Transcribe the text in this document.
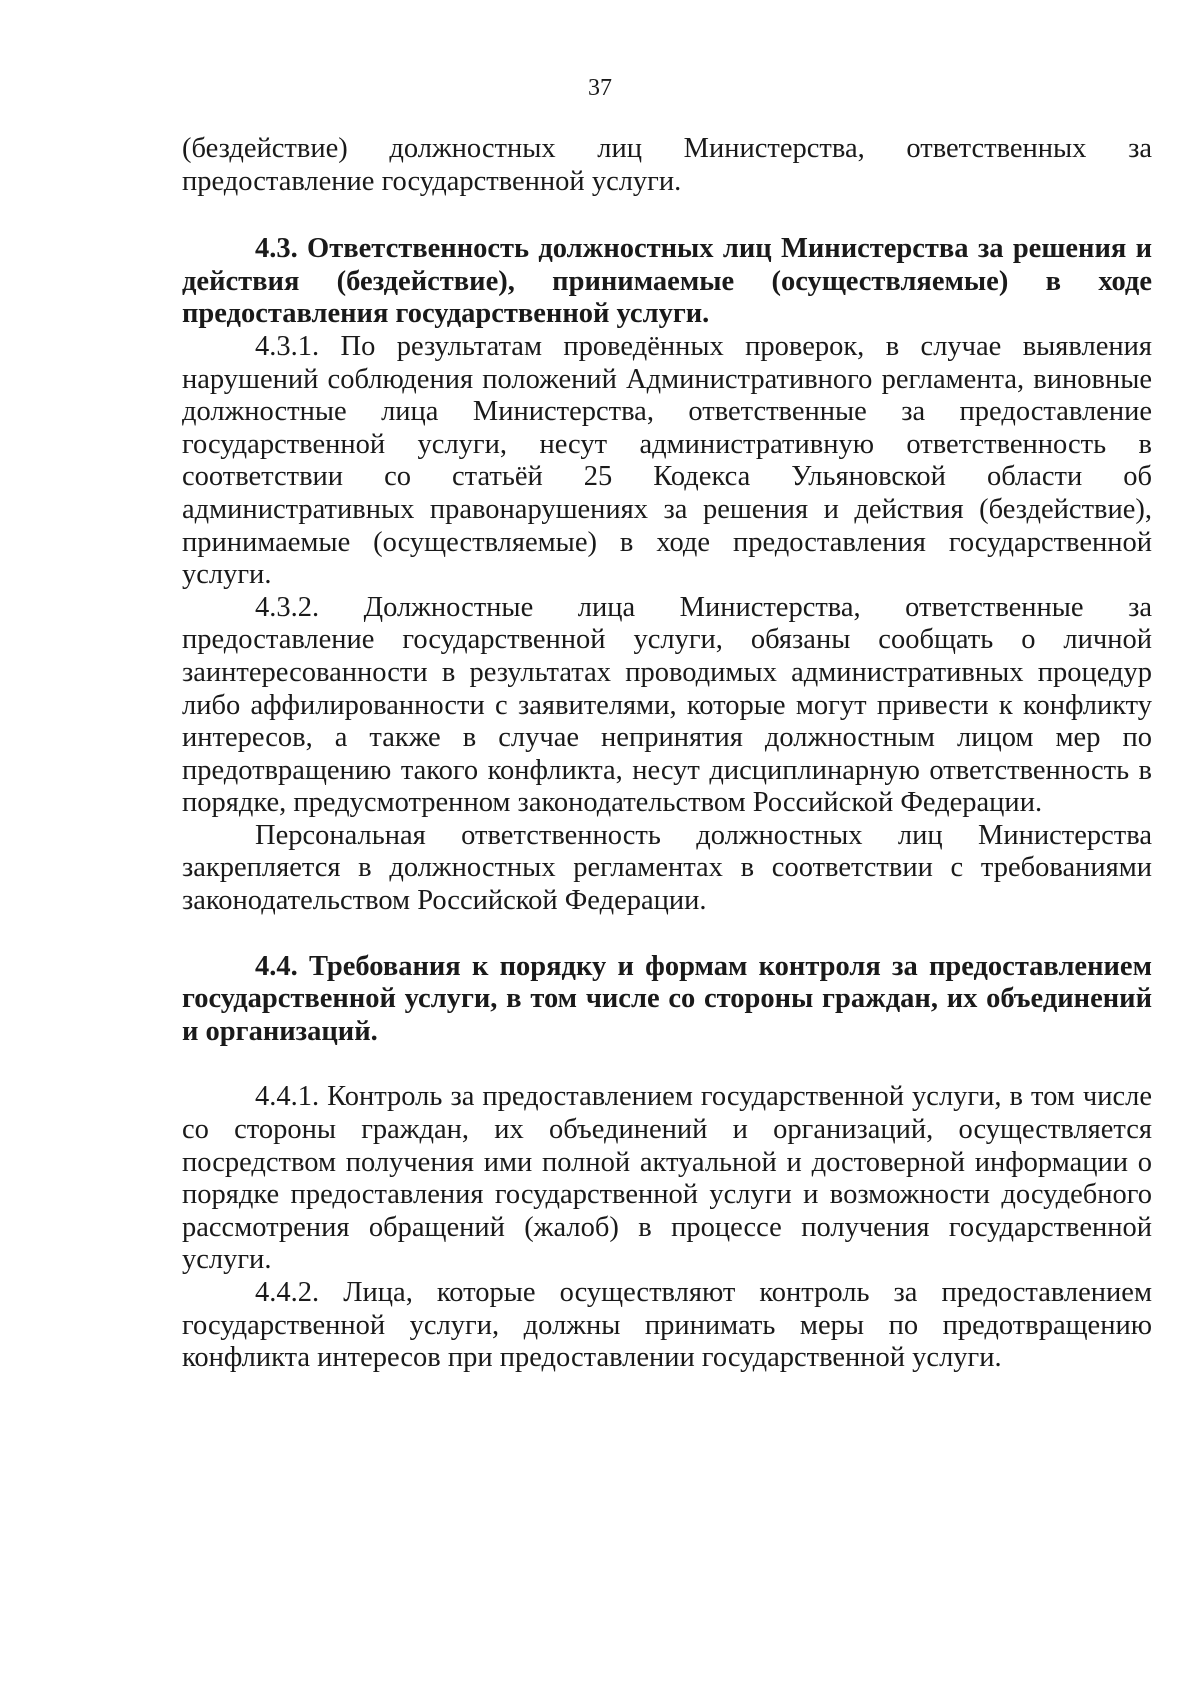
37

(бездействие) должностных лиц Министерства, ответственных за предоставление государственной услуги.

4.3. Ответственность должностных лиц Министерства за решения и действия (бездействие), принимаемые (осуществляемые) в ходе предоставления государственной услуги.

4.3.1. По результатам проведённых проверок, в случае выявления нарушений соблюдения положений Административного регламента, виновные должностные лица Министерства, ответственные за предоставление государственной услуги, несут административную ответственность в соответствии со статьёй 25 Кодекса Ульяновской области об административных правонарушениях за решения и действия (бездействие), принимаемые (осуществляемые) в ходе предоставления государственной услуги.

4.3.2. Должностные лица Министерства, ответственные за предоставление государственной услуги, обязаны сообщать о личной заинтересованности в результатах проводимых административных процедур либо аффилированности с заявителями, которые могут привести к конфликту интересов, а также в случае непринятия должностным лицом мер по предотвращению такого конфликта, несут дисциплинарную ответственность в порядке, предусмотренном законодательством Российской Федерации.

Персональная ответственность должностных лиц Министерства закрепляется в должностных регламентах в соответствии с требованиями законодательством Российской Федерации.

4.4. Требования к порядку и формам контроля за предоставлением государственной услуги, в том числе со стороны граждан, их объединений и организаций.

4.4.1. Контроль за предоставлением государственной услуги, в том числе со стороны граждан, их объединений и организаций, осуществляется посредством получения ими полной актуальной и достоверной информации о порядке предоставления государственной услуги и возможности досудебного рассмотрения обращений (жалоб) в процессе получения государственной услуги.

4.4.2. Лица, которые осуществляют контроль за предоставлением государственной услуги, должны принимать меры по предотвращению конфликта интересов при предоставлении государственной услуги.
